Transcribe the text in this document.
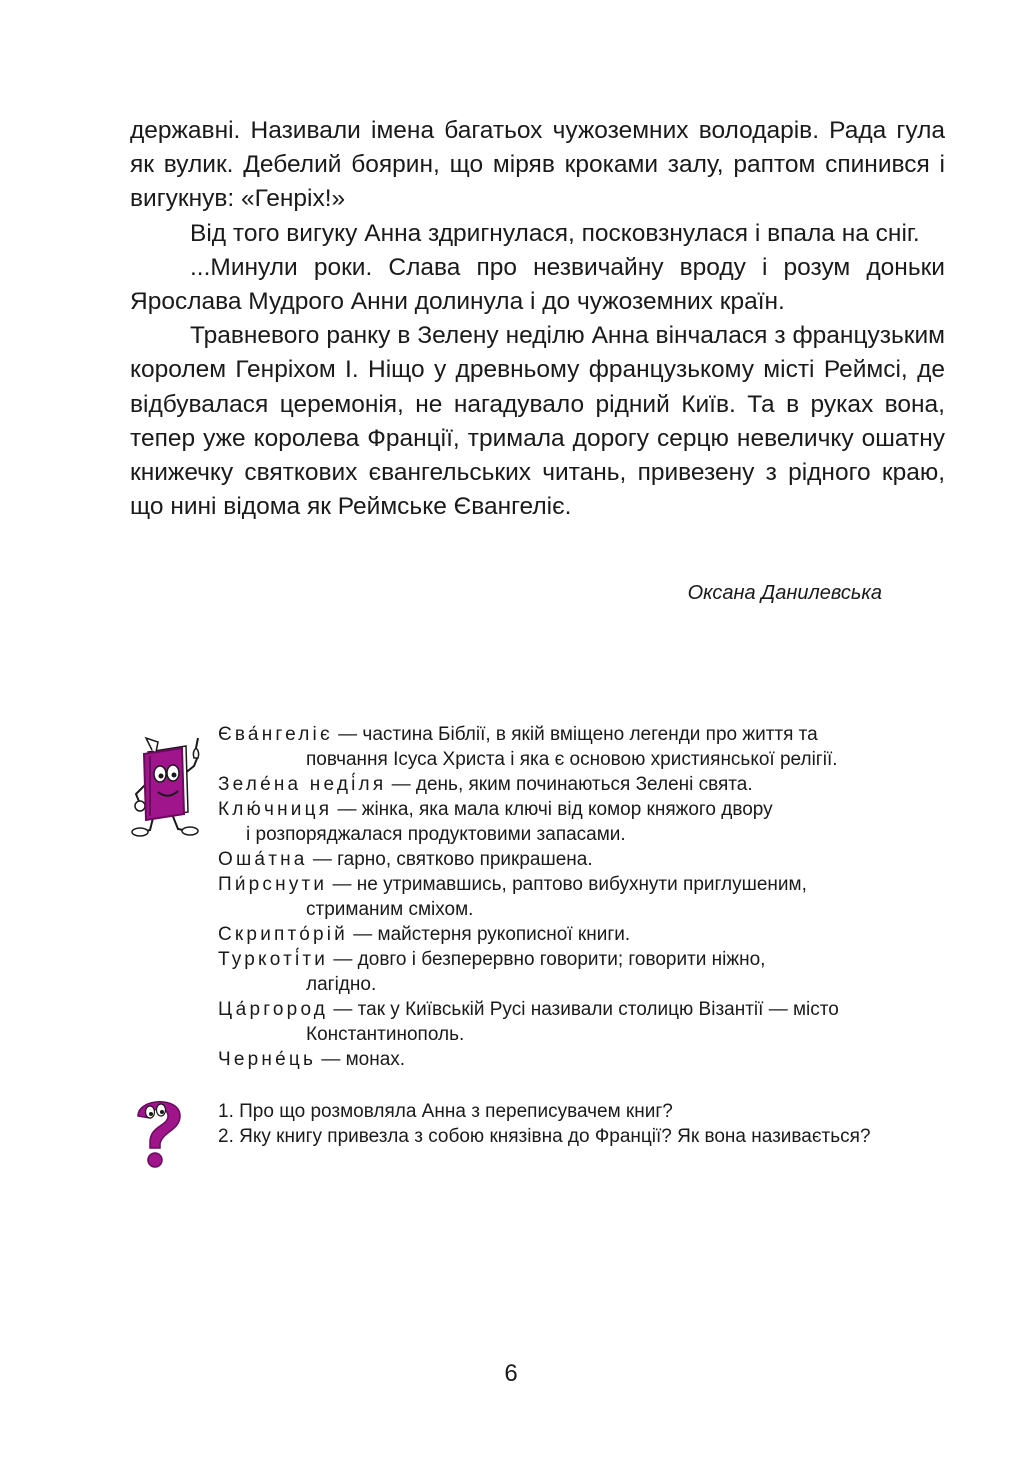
державні. Називали імена багатьох чужоземних володарів. Рада гула як вулик. Дебелий боярин, що міряв кроками залу, раптом спинився і вигукнув: «Генріх!»

Від того вигуку Анна здригнулася, посковзнулася і впала на сніг.

...Минули роки. Слава про незвичайну вроду і розум доньки Ярослава Мудрого Анни долинула і до чужоземних країн.

Травневого ранку в Зелену неділю Анна вінчалася з французьким королем Генріхом І. Ніщо у древньому французькому місті Реймсі, де відбувалася церемонія, не нагадувало рідний Київ. Та в руках вона, тепер уже королева Франції, тримала дорогу серцю невеличку ошатну книжечку святкових євангельських читань, привезену з рідного краю, що нині відома як Реймське Євангеліє.

Оксана Данилевська
Єва́нгеліє — частина Біблії, в якій вміщено легенди про життя та
повчання Ісуса Христа і яка є основою християнської релігії.
Зеле́на неді́ля — день, яким починаються Зелені свята.
Клю́чниця — жінка, яка мала ключі від комор княжого двору
і розпоряджалася продуктовими запасами.
Оша́тна — гарно, святково прикрашена.
Пи́рснути — не утримавшись, раптово вибухнути приглушеним,
стриманим сміхом.
Скрипто́рій — майстерня рукописної книги.
Туркоті́ти — довго і безперервно говорити; говорити ніжно,
лагідно.
Ца́ргород — так у Київській Русі називали столицю Візантії — місто
Константинополь.
Черне́ць — монах.

1. Про що розмовляла Анна з переписувачем книг?

2. Яку книгу привезла з собою князівна до Франції? Як вона називається?

6
